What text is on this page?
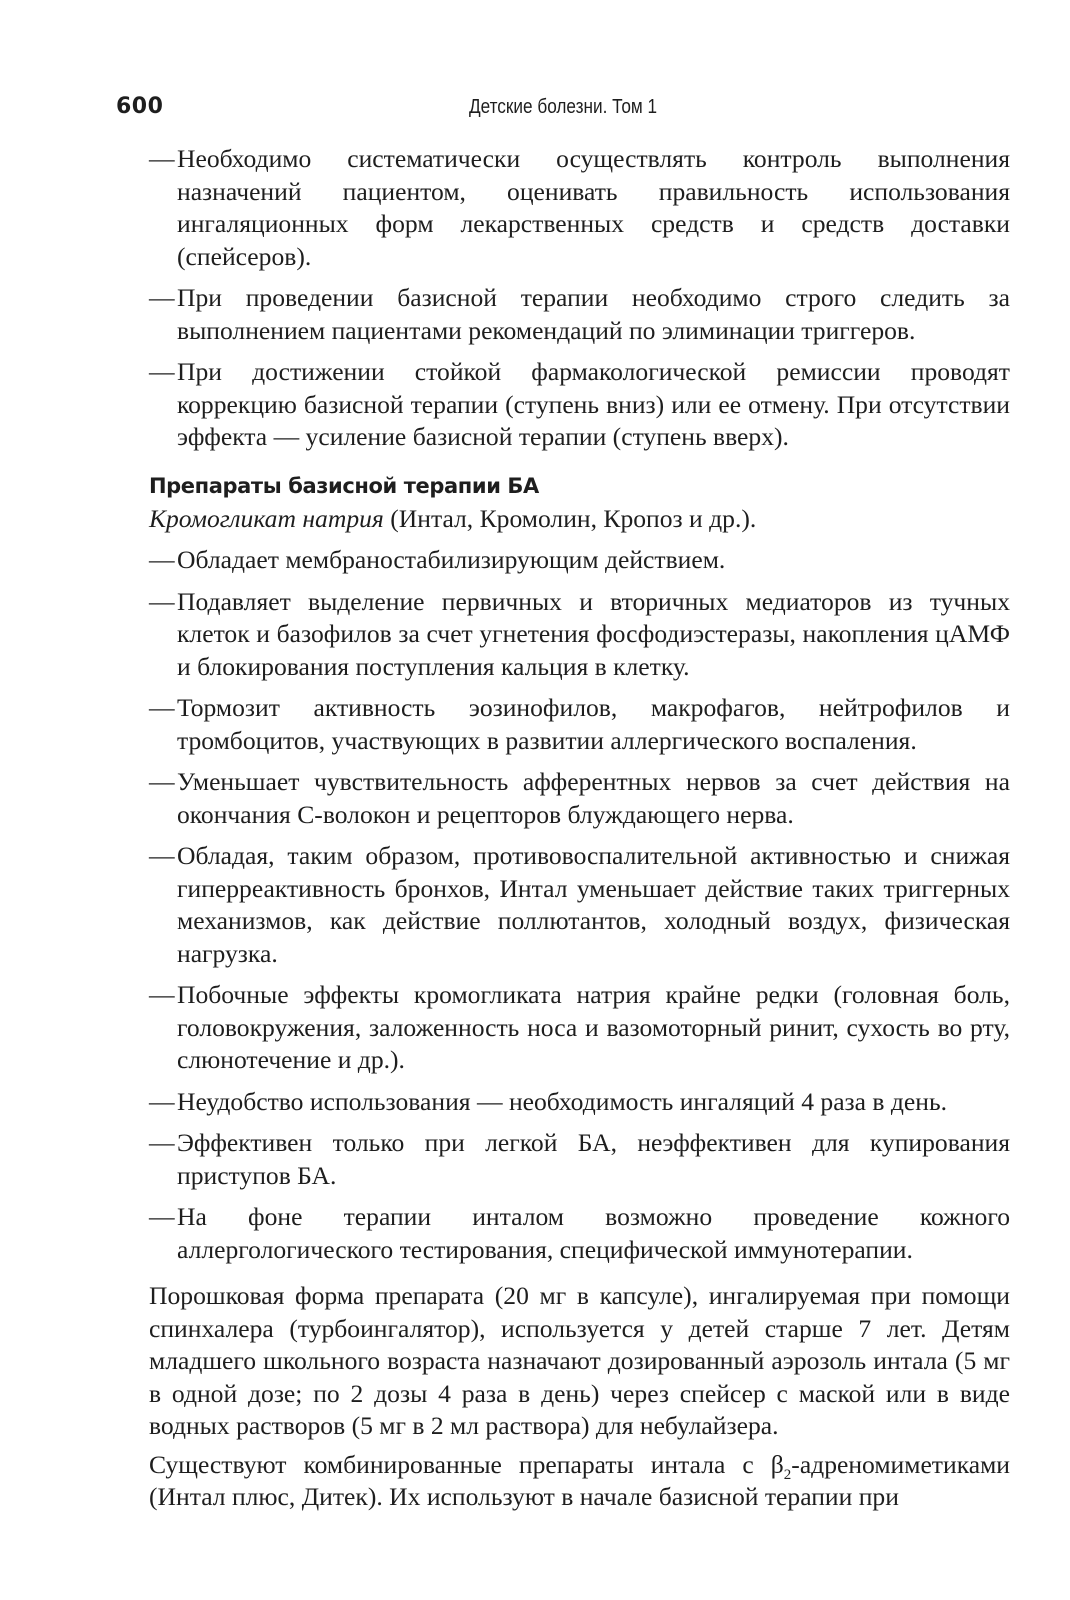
600	Детские болезни. Том 1
— Необходимо систематически осуществлять контроль выполнения назначений пациентом, оценивать правильность использования ингаляционных форм лекарственных средств и средств доставки (спейсеров).
— При проведении базисной терапии необходимо строго следить за выполнением пациентами рекомендаций по элиминации триггеров.
— При достижении стойкой фармакологической ремиссии проводят коррекцию базисной терапии (ступень вниз) или ее отмену. При отсутствии эффекта — усиление базисной терапии (ступень вверх).
Препараты базисной терапии БА
Кромогликат натрия (Интал, Кромолин, Кропоз и др.).
— Обладает мембраностабилизирующим действием.
— Подавляет выделение первичных и вторичных медиаторов из тучных клеток и базофилов за счет угнетения фосфодиэстеразы, накопления цАМФ и блокирования поступления кальция в клетку.
— Тормозит активность эозинофилов, макрофагов, нейтрофилов и тромбоцитов, участвующих в развитии аллергического воспаления.
— Уменьшает чувствительность афферентных нервов за счет действия на окончания С-волокон и рецепторов блуждающего нерва.
— Обладая, таким образом, противовоспалительной активностью и снижая гиперреактивность бронхов, Интал уменьшает действие таких триггерных механизмов, как действие поллютантов, холодный воздух, физическая нагрузка.
— Побочные эффекты кромогликата натрия крайне редки (головная боль, головокружения, заложенность носа и вазомоторный ринит, сухость во рту, слюнотечение и др.).
— Неудобство использования — необходимость ингаляций 4 раза в день.
— Эффективен только при легкой БА, неэффективен для купирования приступов БА.
— На фоне терапии инталом возможно проведение кожного аллергологического тестирования, специфической иммунотерапии.

Порошковая форма препарата (20 мг в капсуле), ингалируемая при помощи спинхалера (турбоингалятор), используется у детей старше 7 лет. Детям младшего школьного возраста назначают дозированный аэрозоль интала (5 мг в одной дозе; по 2 дозы 4 раза в день) через спейсер с маской или в виде водных растворов (5 мг в 2 мл раствора) для небулайзера.

Существуют комбинированные препараты интала с $\beta_2$-адреномиметиками (Интал плюс, Дитек). Их используют в начале базисной терапии при
